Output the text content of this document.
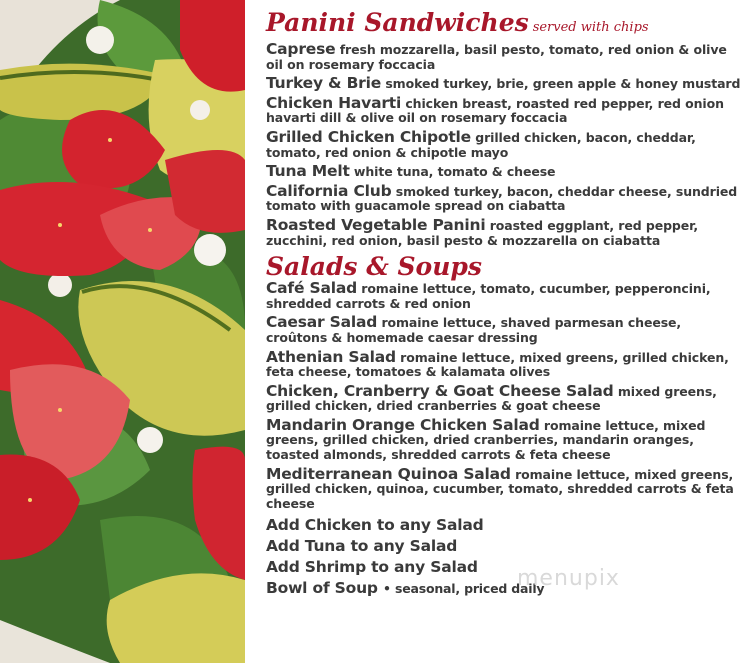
Panini Sandwiches served with chips

Caprese fresh mozzarella, basil pesto, tomato, red onion & olive oil on rosemary foccacia

Turkey & Brie smoked turkey, brie, green apple & honey mustard

Chicken Havarti chicken breast, roasted red pepper, red onion havarti dill & olive oil on rosemary foccacia

Grilled Chicken Chipotle grilled chicken, bacon, cheddar, tomato, red onion & chipotle mayo

Tuna Melt white tuna, tomato & cheese

California Club smoked turkey, bacon, cheddar cheese, sundried tomato with guacamole spread on ciabatta

Roasted Vegetable Panini roasted eggplant, red pepper, zucchini, red onion, basil pesto & mozzarella on ciabatta

Salads & Soups

Café Salad romaine lettuce, tomato, cucumber, pepperoncini, shredded carrots & red onion

Caesar Salad romaine lettuce, shaved parmesan cheese, croûtons & homemade caesar dressing

Athenian Salad romaine lettuce, mixed greens, grilled chicken, feta cheese, tomatoes & kalamata olives

Chicken, Cranberry & Goat Cheese Salad mixed greens, grilled chicken, dried cranberries & goat cheese

Mandarin Orange Chicken Salad romaine lettuce, mixed greens, grilled chicken, dried cranberries, mandarin oranges, toasted almonds, shredded carrots & feta cheese

Mediterranean Quinoa Salad romaine lettuce, mixed greens, grilled chicken, quinoa, cucumber, tomato, shredded carrots & feta cheese

Add Chicken to any Salad

Add Tuna to any Salad

Add Shrimp to any Salad

Bowl of Soup • seasonal, priced daily

menupix
